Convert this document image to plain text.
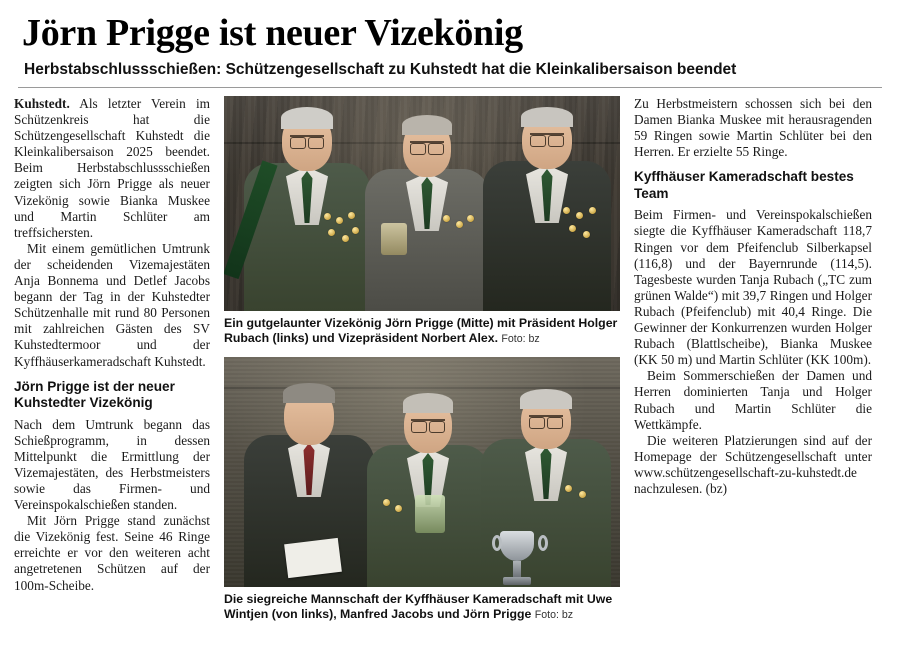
Jörn Prigge ist neuer Vizekönig
Herbstabschlussschießen: Schützengesellschaft zu Kuhstedt hat die Kleinkalibersaison beendet

Kuhstedt. Als letzter Verein im Schützenkreis hat die Schützengesellschaft Kuhstedt die Kleinkalibersaison 2025 beendet. Beim Herbstabschlussschießen zeigten sich Jörn Prigge als neuer Vizekönig sowie Bianka Muskee und Martin Schlüter am treffsichersten.

Mit einem gemütlichen Umtrunk der scheidenden Vizemajestäten Anja Bonnema und Detlef Jacobs begann der Tag in der Kuhstedter Schützenhalle mit rund 80 Personen mit zahlreichen Gästen des SV Kuhstedtermoor und der Kyffhäuserkameradschaft Kuhstedt.

Jörn Prigge ist der neuer Kuhstedter Vizekönig

Nach dem Umtrunk begann das Schießprogramm, in dessen Mittelpunkt die Ermittlung der Vizemajestäten, des Herbstmeisters sowie das Firmen- und Vereinspokalschießen standen.

Mit Jörn Prigge stand zunächst die Vizekönig fest. Seine 46 Ringe erreichte er vor den weiteren acht angetretenen Schützen auf der 100m-Scheibe.

Ein gutgelaunter Vizekönig Jörn Prigge (Mitte) mit Präsident Holger Rubach (links) und Vizepräsident Norbert Alex. Foto: bz
Die siegreiche Mannschaft der Kyffhäuser Kameradschaft mit Uwe Wintjen (von links), Manfred Jacobs und Jörn Prigge Foto: bz

Zu Herbstmeistern schossen sich bei den Damen Bianka Muskee mit herausragenden 59 Ringen sowie Martin Schlüter bei den Herren. Er erzielte 55 Ringe.

Kyffhäuser Kameradschaft bestes Team

Beim Firmen- und Vereinspokalschießen siegte die Kyffhäuser Kameradschaft 118,7 Ringen vor dem Pfeifenclub Silberkapsel (116,8) und der Bayernrunde (114,5). Tagesbeste wurden Tanja Rubach („TC zum grünen Walde“) mit 39,7 Ringen und Holger Rubach (Pfeifenclub) mit 40,4 Ringe. Die Gewinner der Konkurrenzen wurden Holger Rubach (Blattlscheibe), Bianka Muskee (KK 50 m) und Martin Schlüter (KK 100m).

Beim Sommerschießen der Damen und Herren dominierten Tanja und Holger Rubach und Martin Schlüter die Wettkämpfe.

Die weiteren Platzierungen sind auf der Homepage der Schützengesellschaft unter www.schützengesellschaft-zu-kuhstedt.de nachzulesen. (bz)
